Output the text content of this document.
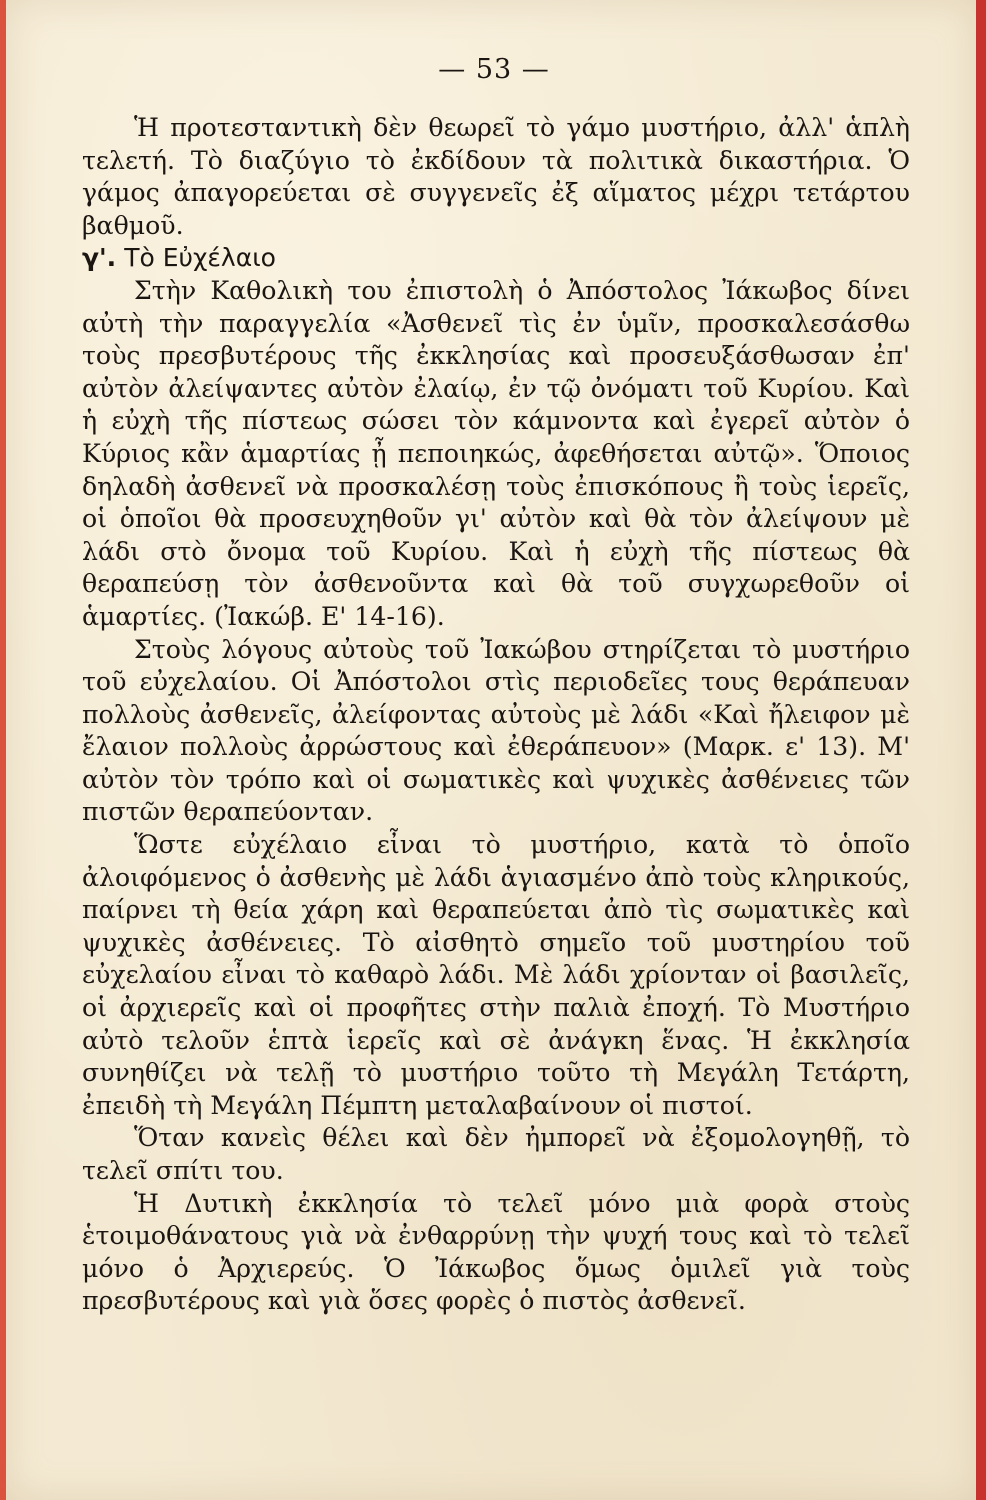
— 53 —

Ἡ προτεσταντικὴ δὲν θεωρεῖ τὸ γάμο μυστήριο, ἀλλ' ἁπλὴ τελετή. Τὸ διαζύγιο τὸ ἐκδίδουν τὰ πολιτικὰ δικαστήρια. Ὁ γάμος ἀπαγορεύεται σὲ συγγενεῖς ἐξ αἵματος μέχρι τετάρτου βαθμοῦ.

γ'. Τὸ Εὐχέλαιο

Στὴν Καθολικὴ του ἐπιστολὴ ὁ Ἀπόστολος Ἰάκωβος δίνει αὐτὴ τὴν παραγγελία «Ἀσθενεῖ τὶς ἐν ὑμῖν, προσκαλεσάσθω τοὺς πρεσβυτέρους τῆς ἐκκλησίας καὶ προσευξάσθωσαν ἐπ' αὐτὸν ἀλείψαντες αὐτὸν ἐλαίῳ, ἐν τῷ ὀνόματι τοῦ Κυρίου. Καὶ ἡ εὐχὴ τῆς πίστεως σώσει τὸν κάμνοντα καὶ ἐγερεῖ αὐτὸν ὁ Κύριος κἂν ἁμαρτίας ᾖ πεποιηκώς, ἀφεθήσεται αὐτῷ». Ὅποιος δηλαδὴ ἀσθενεῖ νὰ προσκαλέσῃ τοὺς ἐπισκόπους ἢ τοὺς ἱερεῖς, οἱ ὁποῖοι θὰ προσευχηθοῦν γι' αὐτὸν καὶ θὰ τὸν ἀλείψουν μὲ λάδι στὸ ὄνομα τοῦ Κυρίου. Καὶ ἡ εὐχὴ τῆς πίστεως θὰ θεραπεύσῃ τὸν ἀσθενοῦντα καὶ θὰ τοῦ συγχωρεθοῦν οἱ ἁμαρτίες. (Ἰακώβ. Ε' 14-16).

Στοὺς λόγους αὐτοὺς τοῦ Ἰακώβου στηρίζεται τὸ μυστήριο τοῦ εὐχελαίου. Οἱ Ἀπόστολοι στὶς περιοδεῖες τους θεράπευαν πολλοὺς ἀσθενεῖς, ἀλείφοντας αὐτοὺς μὲ λάδι «Καὶ ἤλειφον μὲ ἔλαιον πολλοὺς ἀρρώστους καὶ ἐθεράπευον» (Μαρκ. ε' 13). Μ' αὐτὸν τὸν τρόπο καὶ οἱ σωματικὲς καὶ ψυχικὲς ἀσθένειες τῶν πιστῶν θεραπεύονταν.

Ὥστε εὐχέλαιο εἶναι τὸ μυστήριο, κατὰ τὸ ὁποῖο ἀλοιφόμενος ὁ ἀσθενὴς μὲ λάδι ἁγιασμένο ἀπὸ τοὺς κληρικούς, παίρνει τὴ θεία χάρη καὶ θεραπεύεται ἀπὸ τὶς σωματικὲς καὶ ψυχικὲς ἀσθένειες. Τὸ αἰσθητὸ σημεῖο τοῦ μυστηρίου τοῦ εὐχελαίου εἶναι τὸ καθαρὸ λάδι. Μὲ λάδι χρίονταν οἱ βασιλεῖς, οἱ ἀρχιερεῖς καὶ οἱ προφῆτες στὴν παλιὰ ἐποχή. Τὸ Μυστήριο αὐτὸ τελοῦν ἑπτὰ ἱερεῖς καὶ σὲ ἀνάγκη ἕνας. Ἡ ἐκκλησία συνηθίζει νὰ τελῇ τὸ μυστήριο τοῦτο τὴ Μεγάλη Τετάρτη, ἐπειδὴ τὴ Μεγάλη Πέμπτη μεταλαβαίνουν οἱ πιστοί.

Ὅταν κανεὶς θέλει καὶ δὲν ἠμπορεῖ νὰ ἐξομολογηθῇ, τὸ τελεῖ σπίτι του.

Ἡ Δυτικὴ ἐκκλησία τὸ τελεῖ μόνο μιὰ φορὰ στοὺς ἑτοιμοθάνατους γιὰ νὰ ἐνθαρρύνῃ τὴν ψυχή τους καὶ τὸ τελεῖ μόνο ὁ Ἀρχιερεύς. Ὁ Ἰάκωβος ὅμως ὁμιλεῖ γιὰ τοὺς πρεσβυτέρους καὶ γιὰ ὅσες φορὲς ὁ πιστὸς ἀσθενεῖ.
